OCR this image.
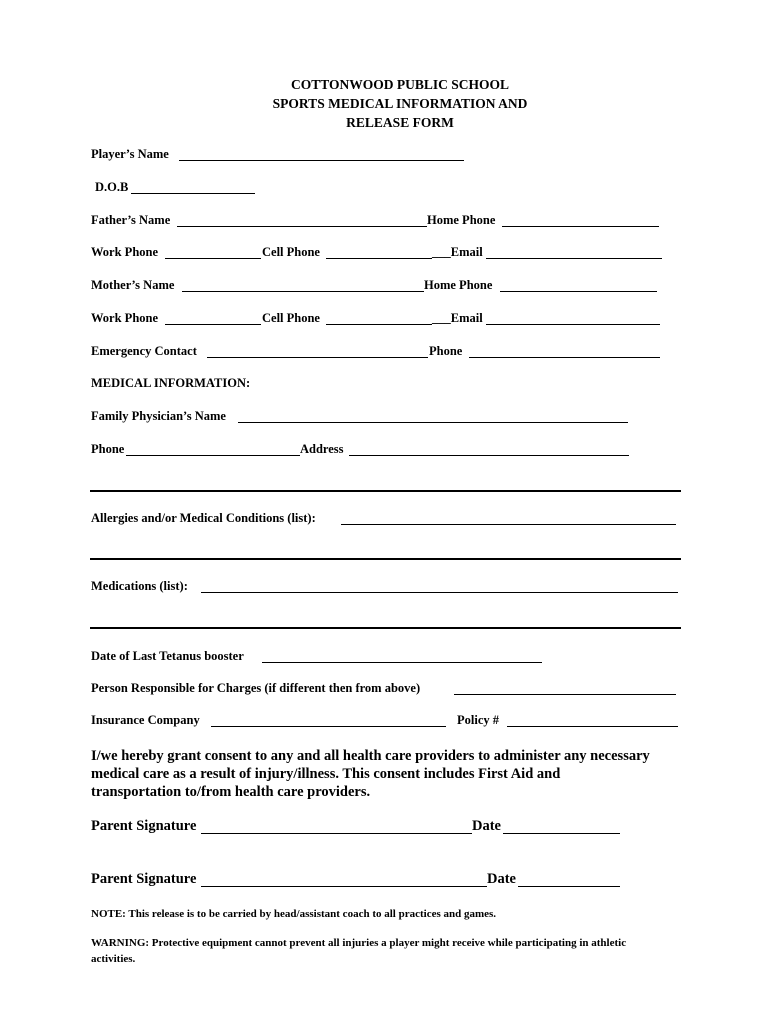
COTTONWOOD PUBLIC SCHOOL
SPORTS MEDICAL INFORMATION AND
RELEASE FORM
Player’s Name
D.O.B
Father’s Name	Home Phone
Work Phone	Cell Phone	___Email
Mother’s Name	Home Phone
Work Phone	Cell Phone	___Email
Emergency Contact	Phone
MEDICAL INFORMATION:
Family Physician’s Name
Phone	Address
Allergies and/or Medical Conditions (list):
Medications (list):
Date of Last Tetanus booster
Person Responsible for Charges (if different then from above)
Insurance Company	Policy #
I/we hereby grant consent to any and all health care providers to administer any necessary medical care as a result of injury/illness. This consent includes First Aid and transportation to/from health care providers.
Parent Signature	Date
Parent Signature	Date
NOTE: This release is to be carried by head/assistant coach to all practices and games.
WARNING: Protective equipment cannot prevent all injuries a player might receive while participating in athletic activities.
